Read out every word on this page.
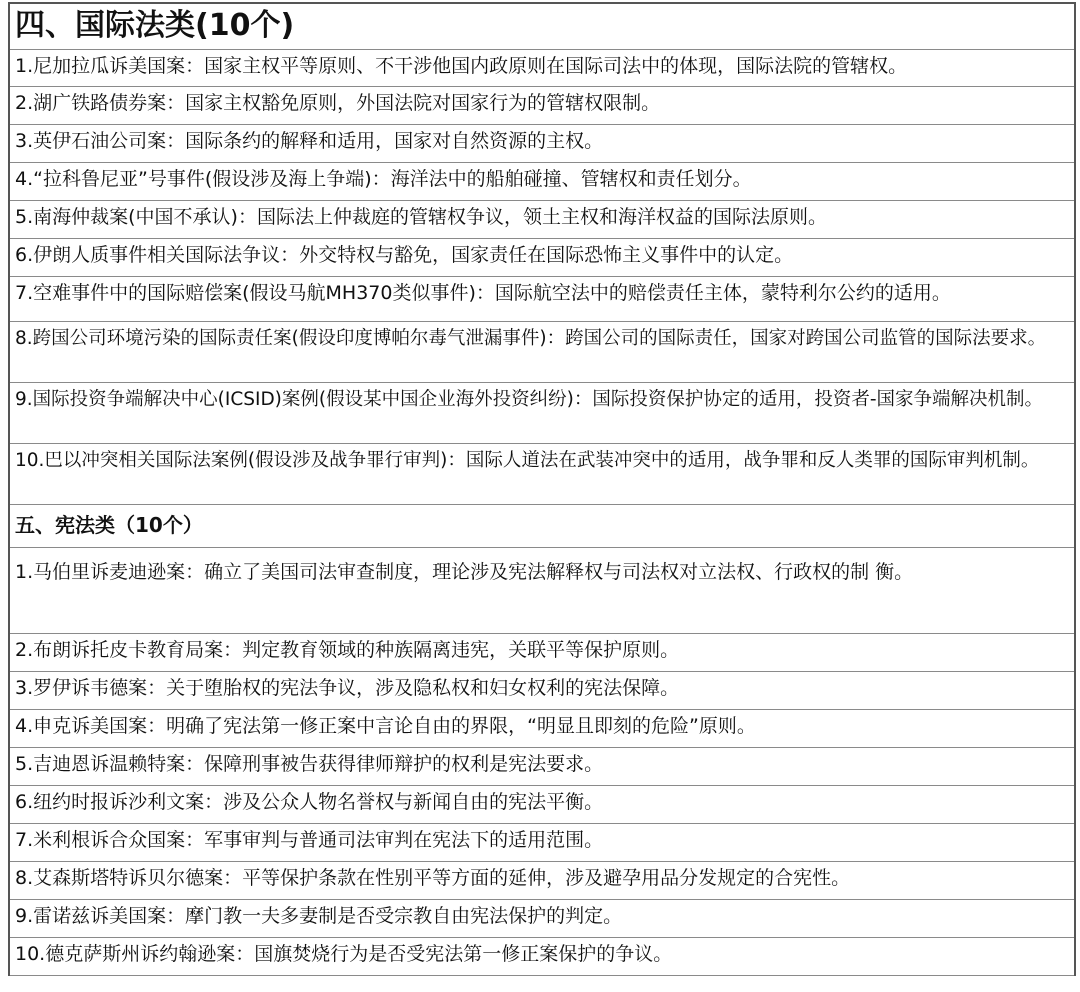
四、国际法类(10个)
1.尼加拉瓜诉美国案：国家主权平等原则、不干涉他国内政原则在国际司法中的体现，国际法院的管辖权。
2.湖广铁路债券案：国家主权豁免原则，外国法院对国家行为的管辖权限制。
3.英伊石油公司案：国际条约的解释和适用，国家对自然资源的主权。
4.“拉科鲁尼亚”号事件(假设涉及海上争端)：海洋法中的船舶碰撞、管辖权和责任划分。
5.南海仲裁案(中国不承认)：国际法上仲裁庭的管辖权争议，领土主权和海洋权益的国际法原则。
6.伊朗人质事件相关国际法争议：外交特权与豁免，国家责任在国际恐怖主义事件中的认定。
7.空难事件中的国际赔偿案(假设马航MH370类似事件)：国际航空法中的赔偿责任主体，蒙特利尔公约的适用。
8.跨国公司环境污染的国际责任案(假设印度博帕尔毒气泄漏事件)：跨国公司的国际责任，国家对跨国公司监管的国际法要求。
9.国际投资争端解决中心(ICSID)案例(假设某中国企业海外投资纠纷)：国际投资保护协定的适用，投资者-国家争端解决机制。
10.巴以冲突相关国际法案例(假设涉及战争罪行审判)：国际人道法在武装冲突中的适用，战争罪和反人类罪的国际审判机制。
五、宪法类（10个）
1.马伯里诉麦迪逊案：确立了美国司法审查制度，理论涉及宪法解释权与司法权对立法权、行政权的制 衡。
2.布朗诉托皮卡教育局案：判定教育领域的种族隔离违宪，关联平等保护原则。
3.罗伊诉韦德案：关于堕胎权的宪法争议，涉及隐私权和妇女权利的宪法保障。
4.申克诉美国案：明确了宪法第一修正案中言论自由的界限，“明显且即刻的危险”原则。
5.吉迪恩诉温赖特案：保障刑事被告获得律师辩护的权利是宪法要求。
6.纽约时报诉沙利文案：涉及公众人物名誉权与新闻自由的宪法平衡。
7.米利根诉合众国案：军事审判与普通司法审判在宪法下的适用范围。
8.艾森斯塔特诉贝尔德案：平等保护条款在性别平等方面的延伸，涉及避孕用品分发规定的合宪性。
9.雷诺兹诉美国案：摩门教一夫多妻制是否受宗教自由宪法保护的判定。
10.德克萨斯州诉约翰逊案：国旗焚烧行为是否受宪法第一修正案保护的争议。
